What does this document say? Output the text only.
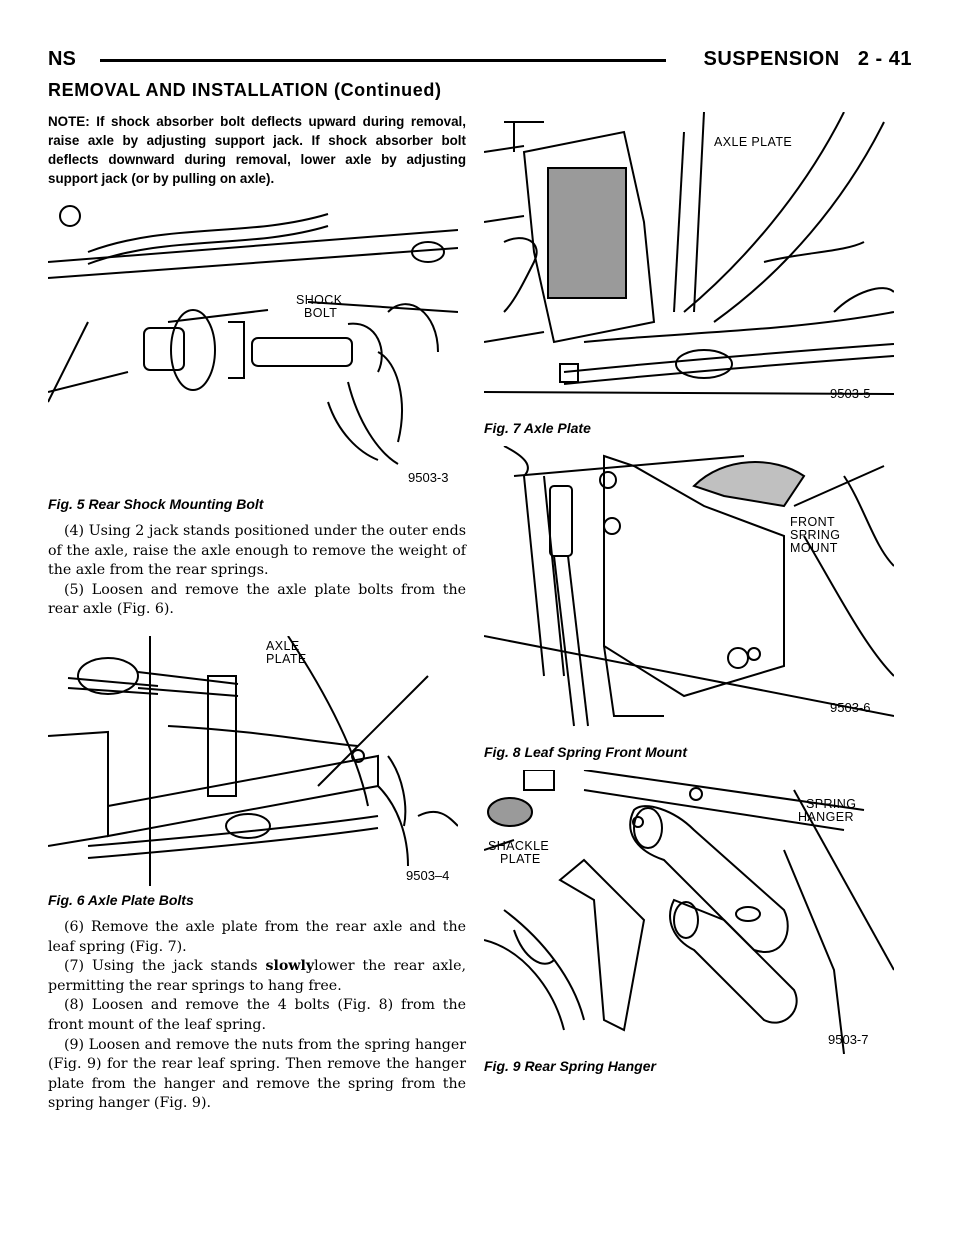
NS	SUSPENSION 2 - 41
REMOVAL AND INSTALLATION (Continued)

NOTE: If shock absorber bolt deflects upward during removal, raise axle by adjusting support jack. If shock absorber bolt deflects downward during removal, lower axle by adjusting support jack (or by pulling on axle).

SHOCK
BOLT
9503-3
Fig. 5 Rear Shock Mounting Bolt

(4) Using 2 jack stands positioned under the outer ends of the axle, raise the axle enough to remove the weight of the axle from the rear springs.

(5) Loosen and remove the axle plate bolts from the rear axle (Fig. 6).

AXLE
PLATE
9503–4
Fig. 6 Axle Plate Bolts

(6) Remove the axle plate from the rear axle and the leaf spring (Fig. 7).

(7) Using the jack stands slowlylower the rear axle, permitting the rear springs to hang free.

(8) Loosen and remove the 4 bolts (Fig. 8) from the front mount of the leaf spring.

(9) Loosen and remove the nuts from the spring hanger (Fig. 9) for the rear leaf spring. Then remove the hanger plate from the hanger and remove the spring from the spring hanger (Fig. 9).

AXLE PLATE
9503-5
Fig. 7 Axle Plate
FRONT
SPRING
MOUNT
9503-6
Fig. 8 Leaf Spring Front Mount
SHACKLE
PLATE
SPRING
HANGER
9503-7
Fig. 9 Rear Spring Hanger
